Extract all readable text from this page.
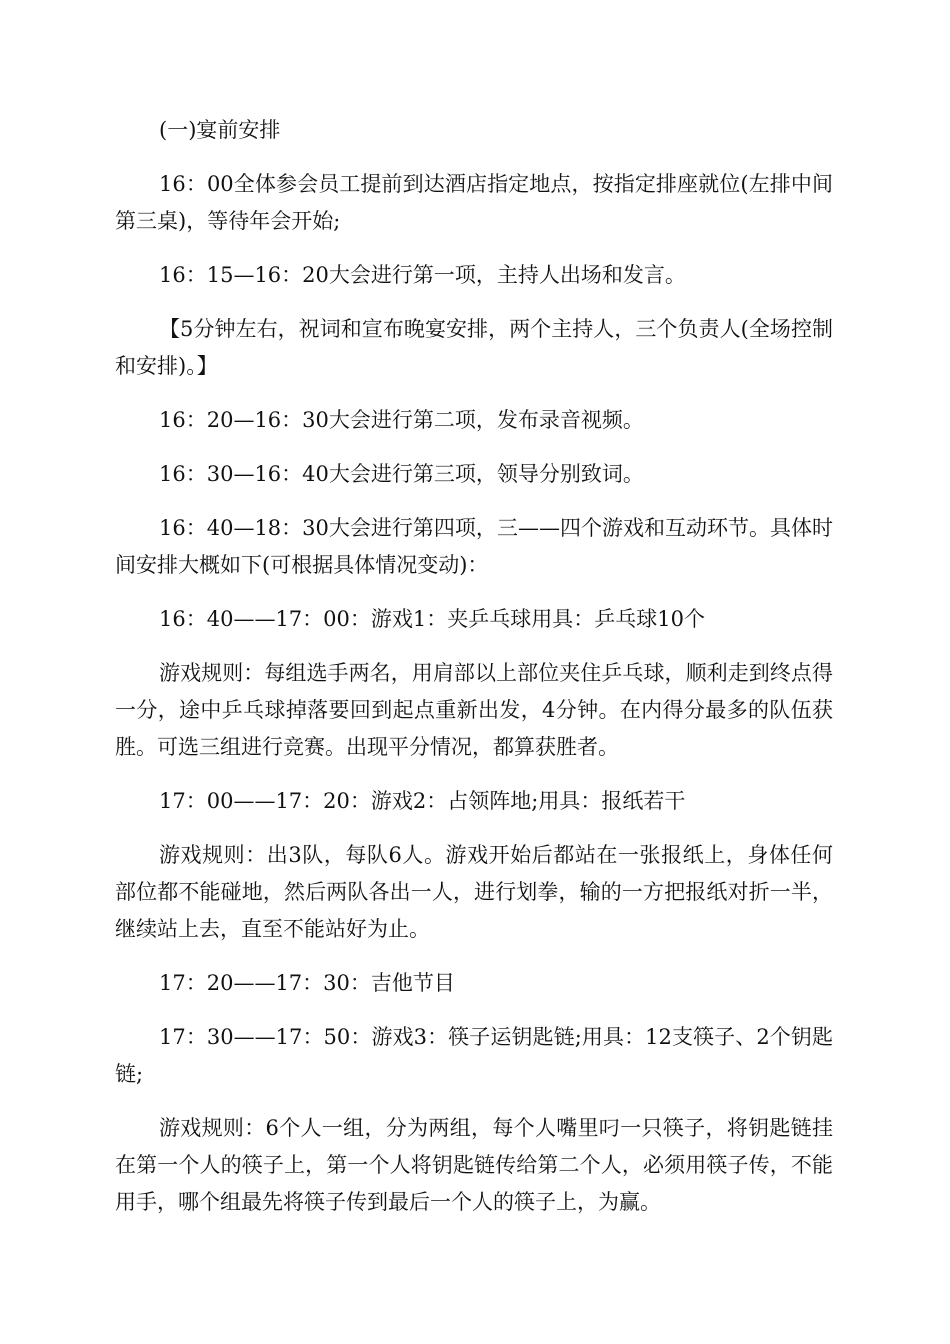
(一)宴前安排

16：00全体参会员工提前到达酒店指定地点，按指定排座就位(左排中间第三桌)，等待年会开始;

16：15—16：20大会进行第一项，主持人出场和发言。

【5分钟左右，祝词和宣布晚宴安排，两个主持人，三个负责人(全场控制和安排)。】

16：20—16：30大会进行第二项，发布录音视频。

16：30—16：40大会进行第三项，领导分别致词。

16：40—18：30大会进行第四项，三——四个游戏和互动环节。具体时间安排大概如下(可根据具体情况变动)：

16：40——17：00：游戏1：夹乒乓球用具：乒乓球10个

游戏规则：每组选手两名，用肩部以上部位夹住乒乓球，顺利走到终点得一分，途中乒乓球掉落要回到起点重新出发，4分钟。在内得分最多的队伍获胜。可选三组进行竞赛。出现平分情况，都算获胜者。

17：00——17：20：游戏2：占领阵地;用具：报纸若干

游戏规则：出3队，每队6人。游戏开始后都站在一张报纸上，身体任何部位都不能碰地，然后两队各出一人，进行划拳，输的一方把报纸对折一半，继续站上去，直至不能站好为止。

17：20——17：30：吉他节目

17：30——17：50：游戏3：筷子运钥匙链;用具：12支筷子、2个钥匙链;

游戏规则：6个人一组，分为两组，每个人嘴里叼一只筷子，将钥匙链挂在第一个人的筷子上，第一个人将钥匙链传给第二个人，必须用筷子传，不能用手，哪个组最先将筷子传到最后一个人的筷子上，为赢。
